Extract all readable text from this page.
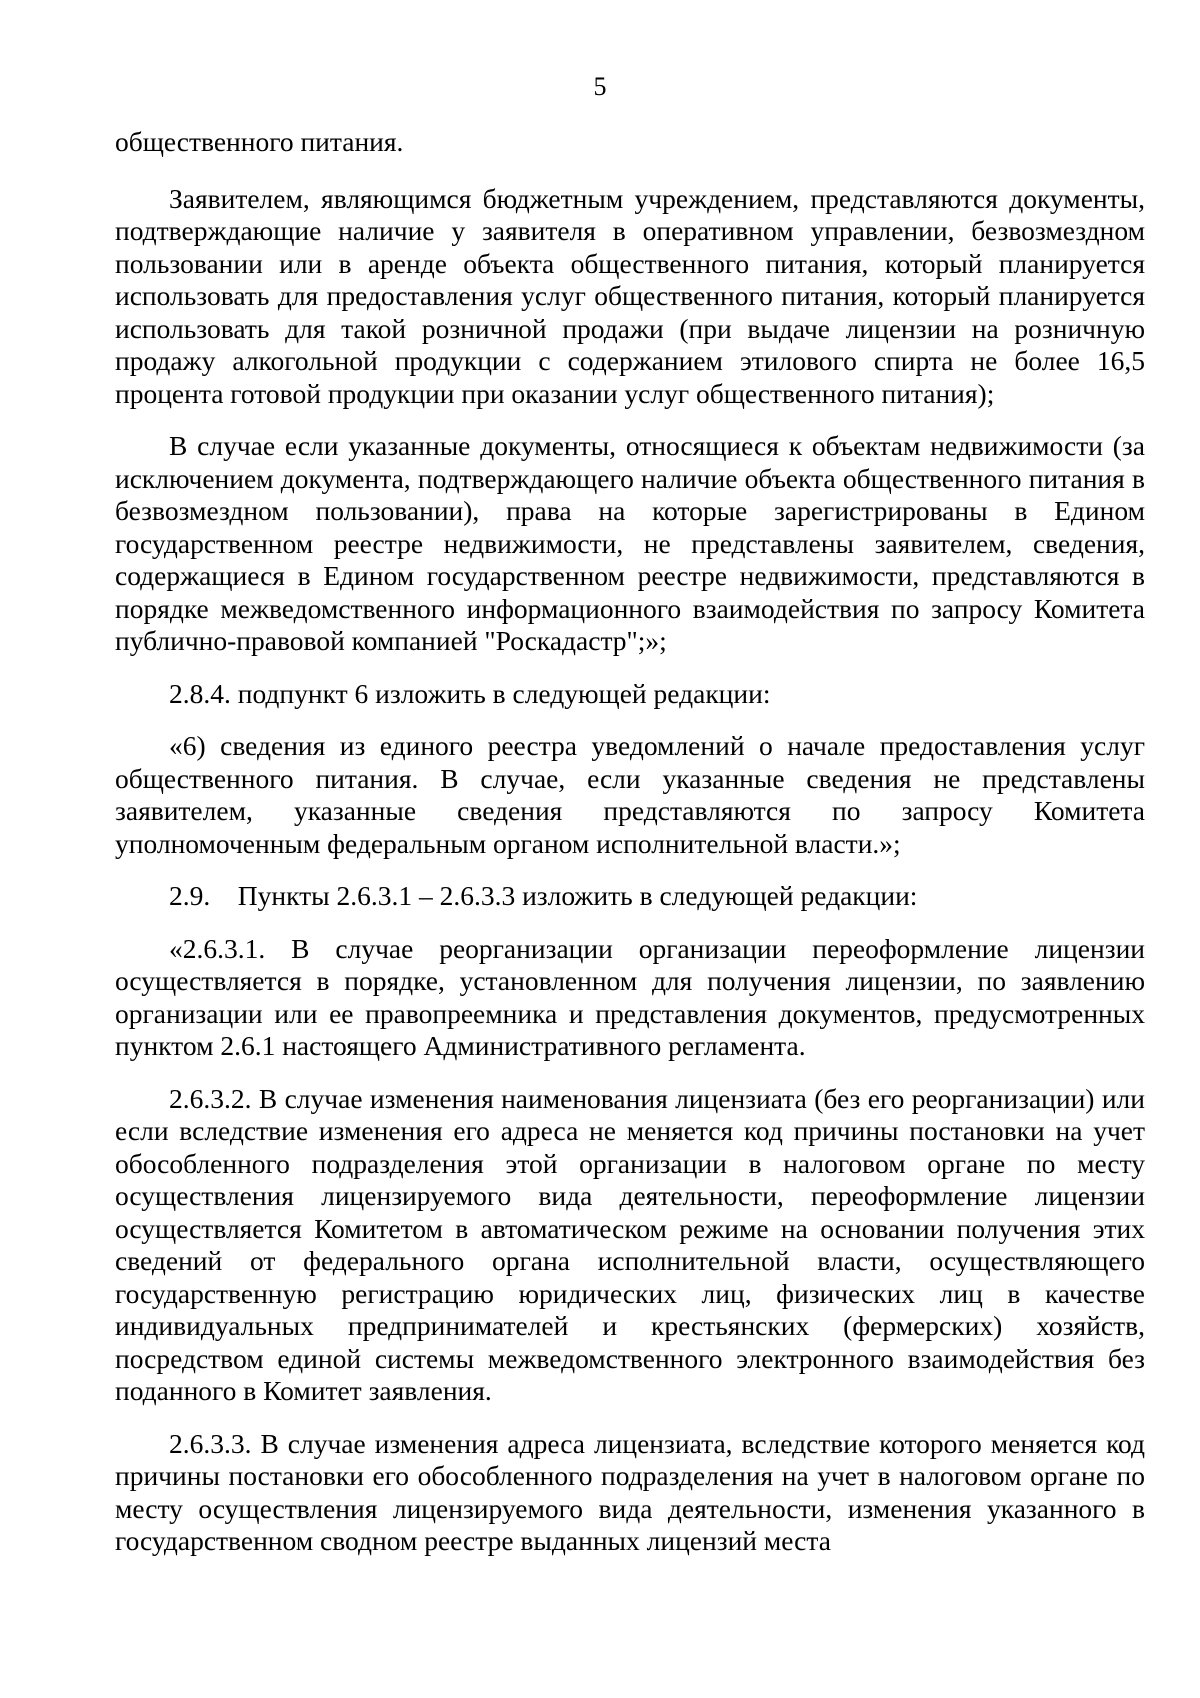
5

общественного питания.

Заявителем, являющимся бюджетным учреждением, представляются документы, подтверждающие наличие у заявителя в оперативном управлении, безвозмездном пользовании или в аренде объекта общественного питания, который планируется использовать для предоставления услуг общественного питания, который планируется использовать для такой розничной продажи (при выдаче лицензии на розничную продажу алкогольной продукции с содержанием этилового спирта не более 16,5 процента готовой продукции при оказании услуг общественного питания);

В случае если указанные документы, относящиеся к объектам недвижимости (за исключением документа, подтверждающего наличие объекта общественного питания в безвозмездном пользовании), права на которые зарегистрированы в Едином государственном реестре недвижимости, не представлены заявителем, сведения, содержащиеся в Едином государственном реестре недвижимости, представляются в порядке межведомственного информационного взаимодействия по запросу Комитета публично-правовой компанией "Роскадастр";»;

2.8.4. подпункт 6 изложить в следующей редакции:

«6) сведения из единого реестра уведомлений о начале предоставления услуг общественного питания. В случае, если указанные сведения не представлены заявителем, указанные сведения представляются по запросу Комитета уполномоченным федеральным органом исполнительной власти.»;

2.9.    Пункты 2.6.3.1 – 2.6.3.3 изложить в следующей редакции:

«2.6.3.1. В случае реорганизации организации переоформление лицензии осуществляется в порядке, установленном для получения лицензии, по заявлению организации или ее правопреемника и представления документов, предусмотренных пунктом 2.6.1 настоящего Административного регламента.

2.6.3.2. В случае изменения наименования лицензиата (без его реорганизации) или если вследствие изменения его адреса не меняется код причины постановки на учет обособленного подразделения этой организации в налоговом органе по месту осуществления лицензируемого вида деятельности, переоформление лицензии осуществляется Комитетом в автоматическом режиме на основании получения этих сведений от федерального органа исполнительной власти, осуществляющего государственную регистрацию юридических лиц, физических лиц в качестве индивидуальных предпринимателей и крестьянских (фермерских) хозяйств, посредством единой системы межведомственного электронного взаимодействия без поданного в Комитет заявления.

2.6.3.3. В случае изменения адреса лицензиата, вследствие которого меняется код причины постановки его обособленного подразделения на учет в налоговом органе по месту осуществления лицензируемого вида деятельности, изменения указанного в государственном сводном реестре выданных лицензий места
